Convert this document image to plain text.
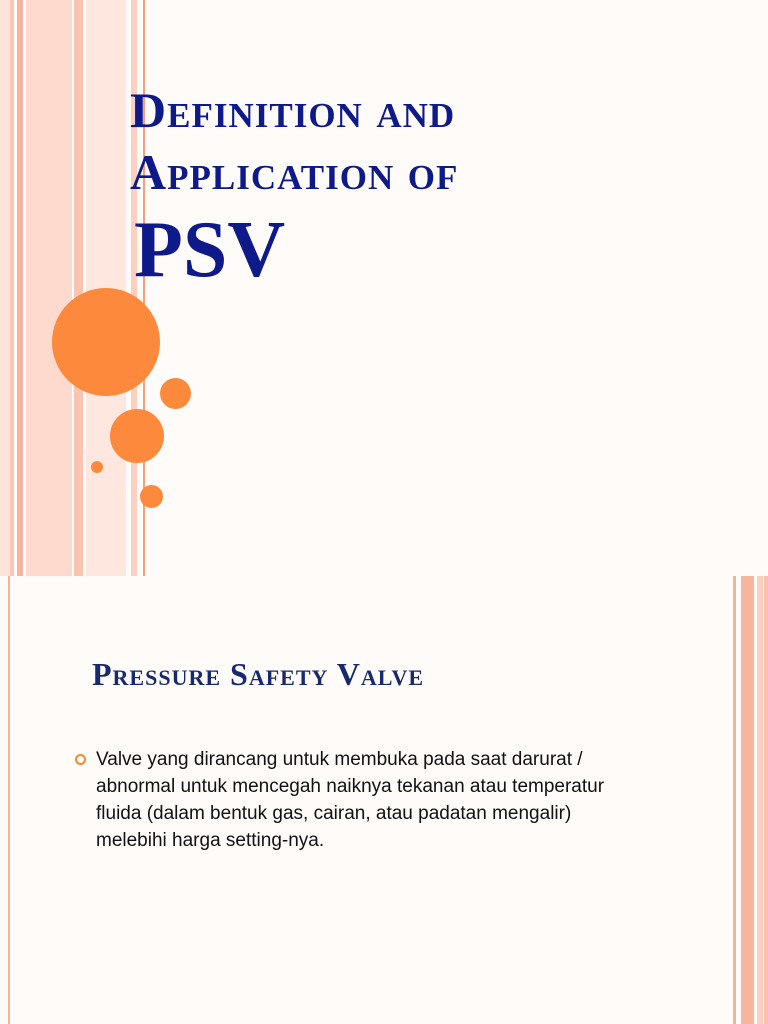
Definition and
Application of
PSV
Pressure Safety Valve
Valve yang dirancang untuk membuka pada saat darurat /
abnormal untuk mencegah naiknya tekanan atau temperatur
fluida (dalam bentuk gas, cairan, atau padatan mengalir)
melebihi harga setting-nya.
